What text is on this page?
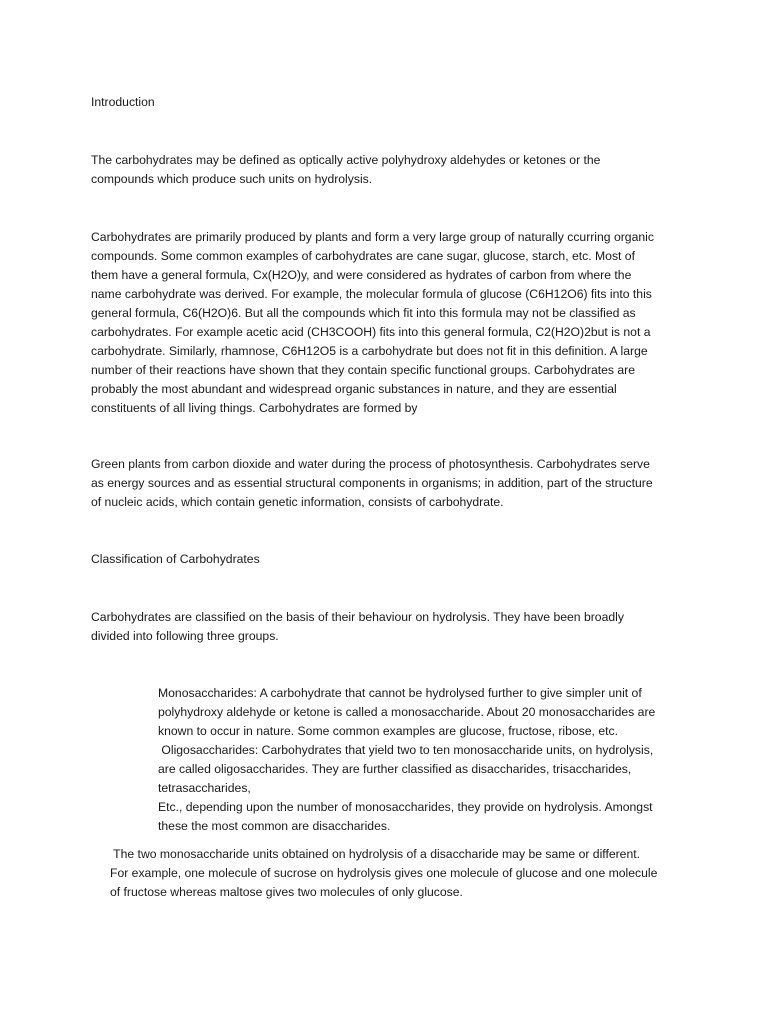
Introduction

The carbohydrates may be defined as optically active polyhydroxy aldehydes or ketones or the
compounds which produce such units on hydrolysis.

Carbohydrates are primarily produced by plants and form a very large group of naturally ccurring organic
compounds. Some common examples of carbohydrates are cane sugar, glucose, starch, etc. Most of
them have a general formula, Cx(H2O)y, and were considered as hydrates of carbon from where the
name carbohydrate was derived. For example, the molecular formula of glucose (C6H12O6) fits into this
general formula, C6(H2O)6. But all the compounds which fit into this formula may not be classified as
carbohydrates. For example acetic acid (CH3COOH) fits into this general formula, C2(H2O)2but is not a
carbohydrate. Similarly, rhamnose, C6H12O5 is a carbohydrate but does not fit in this definition. A large
number of their reactions have shown that they contain specific functional groups. Carbohydrates are
probably the most abundant and widespread organic substances in nature, and they are essential
constituents of all living things. Carbohydrates are formed by

Green plants from carbon dioxide and water during the process of photosynthesis. Carbohydrates serve
as energy sources and as essential structural components in organisms; in addition, part of the structure
of nucleic acids, which contain genetic information, consists of carbohydrate.

Classification of Carbohydrates

Carbohydrates are classified on the basis of their behaviour on hydrolysis. They have been broadly
divided into following three groups.

Monosaccharides: A carbohydrate that cannot be hydrolysed further to give simpler unit of
polyhydroxy aldehyde or ketone is called a monosaccharide. About 20 monosaccharides are
known to occur in nature. Some common examples are glucose, fructose, ribose, etc.
Oligosaccharides: Carbohydrates that yield two to ten monosaccharide units, on hydrolysis,
are called oligosaccharides. They are further classified as disaccharides, trisaccharides,
tetrasaccharides,
Etc., depending upon the number of monosaccharides, they provide on hydrolysis. Amongst
these the most common are disaccharides.

The two monosaccharide units obtained on hydrolysis of a disaccharide may be same or different.
For example, one molecule of sucrose on hydrolysis gives one molecule of glucose and one molecule
of fructose whereas maltose gives two molecules of only glucose.
